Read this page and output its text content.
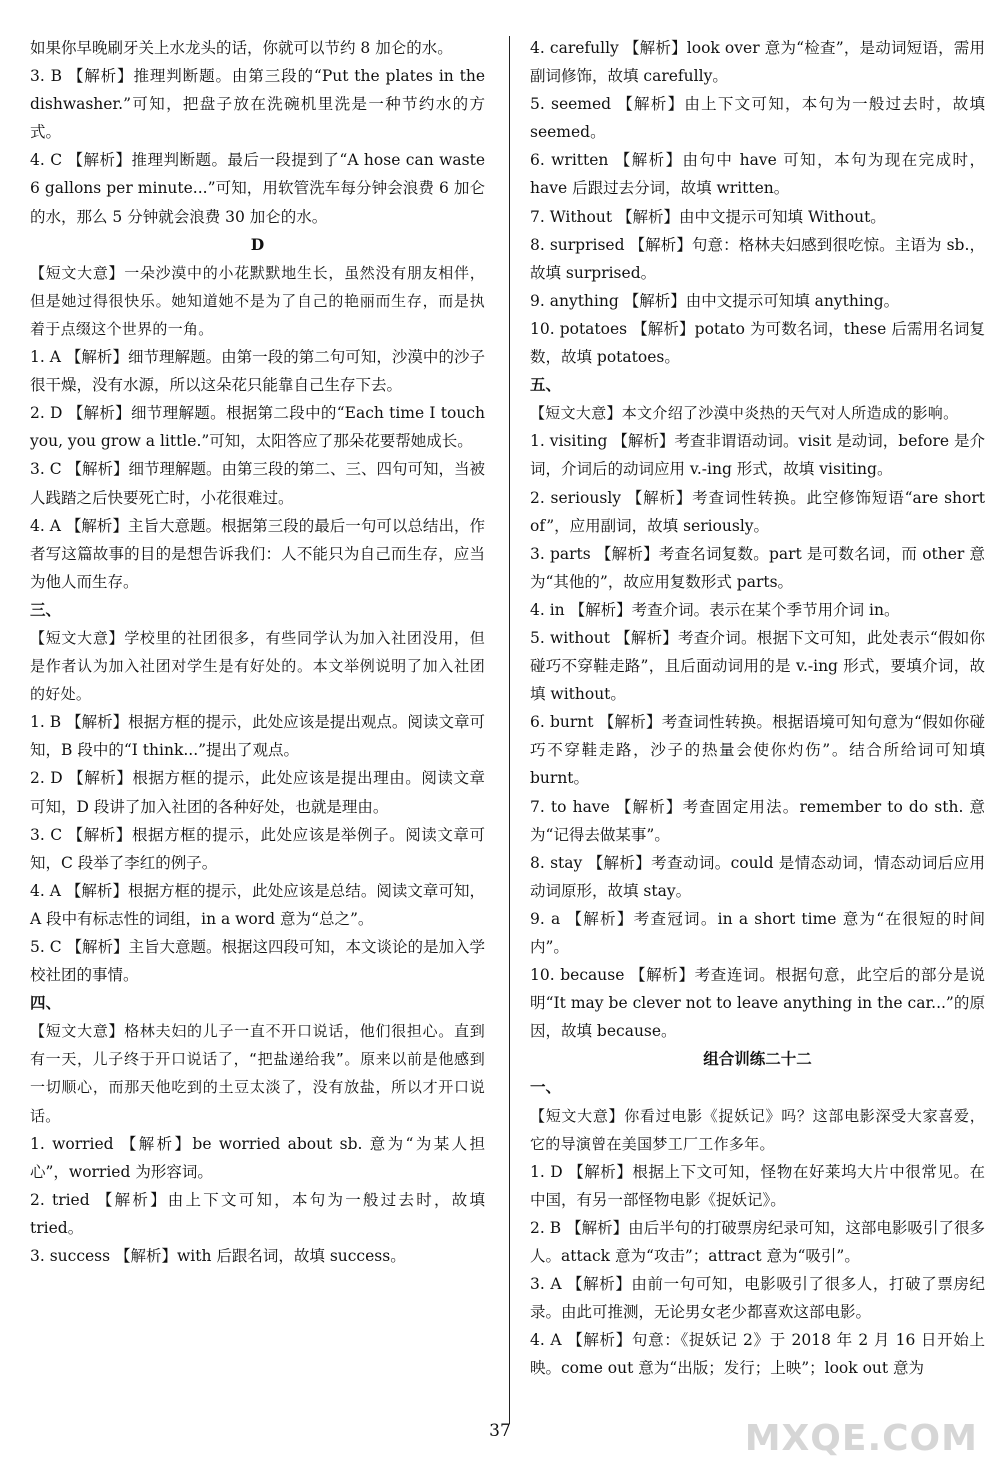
如果你早晚刷牙关上水龙头的话，你就可以节约 8 加仑的水。
3. B 【解析】推理判断题。由第三段的“Put the plates in the dishwasher.”可知，把盘子放在洗碗机里洗是一种节约水的方式。
4. C 【解析】推理判断题。最后一段提到了“A hose can waste 6 gallons per minute...”可知，用软管洗车每分钟会浪费 6 加仑的水，那么 5 分钟就会浪费 30 加仑的水。
D
【短文大意】一朵沙漠中的小花默默地生长，虽然没有朋友相伴，但是她过得很快乐。她知道她不是为了自己的艳丽而生存，而是执着于点缀这个世界的一角。
1. A 【解析】细节理解题。由第一段的第二句可知，沙漠中的沙子很干燥，没有水源，所以这朵花只能靠自己生存下去。
2. D 【解析】细节理解题。根据第二段中的“Each time I touch you, you grow a little.”可知，太阳答应了那朵花要帮她成长。
3. C 【解析】细节理解题。由第三段的第二、三、四句可知，当被人践踏之后快要死亡时，小花很难过。
4. A 【解析】主旨大意题。根据第三段的最后一句可以总结出，作者写这篇故事的目的是想告诉我们：人不能只为自己而生存，应当为他人而生存。
三、
【短文大意】学校里的社团很多，有些同学认为加入社团没用，但是作者认为加入社团对学生是有好处的。本文举例说明了加入社团的好处。
1. B 【解析】根据方框的提示，此处应该是提出观点。阅读文章可知，B 段中的“I think...”提出了观点。
2. D 【解析】根据方框的提示，此处应该是提出理由。阅读文章可知，D 段讲了加入社团的各种好处，也就是理由。
3. C 【解析】根据方框的提示，此处应该是举例子。阅读文章可知，C 段举了李红的例子。
4. A 【解析】根据方框的提示，此处应该是总结。阅读文章可知，A 段中有标志性的词组，in a word 意为“总之”。
5. C 【解析】主旨大意题。根据这四段可知，本文谈论的是加入学校社团的事情。
四、
【短文大意】格林夫妇的儿子一直不开口说话，他们很担心。直到有一天，儿子终于开口说话了，“把盐递给我”。原来以前是他感到一切顺心，而那天他吃到的土豆太淡了，没有放盐，所以才开口说话。
1. worried 【解析】be worried about sb. 意为“为某人担心”，worried 为形容词。
2. tried 【解析】由上下文可知，本句为一般过去时，故填 tried。
3. success 【解析】with 后跟名词，故填 success。
4. carefully 【解析】look over 意为“检查”，是动词短语，需用副词修饰，故填 carefully。
5. seemed 【解析】由上下文可知，本句为一般过去时，故填 seemed。
6. written 【解析】由句中 have 可知，本句为现在完成时，have 后跟过去分词，故填 written。
7. Without 【解析】由中文提示可知填 Without。
8. surprised 【解析】句意：格林夫妇感到很吃惊。主语为 sb.，故填 surprised。
9. anything 【解析】由中文提示可知填 anything。
10. potatoes 【解析】potato 为可数名词，these 后需用名词复数，故填 potatoes。
五、
【短文大意】本文介绍了沙漠中炎热的天气对人所造成的影响。
1. visiting 【解析】考查非谓语动词。visit 是动词，before 是介词，介词后的动词应用 v.-ing 形式，故填 visiting。
2. seriously 【解析】考查词性转换。此空修饰短语“are short of”，应用副词，故填 seriously。
3. parts 【解析】考查名词复数。part 是可数名词，而 other 意为“其他的”，故应用复数形式 parts。
4. in 【解析】考查介词。表示在某个季节用介词 in。
5. without 【解析】考查介词。根据下文可知，此处表示“假如你碰巧不穿鞋走路”，且后面动词用的是 v.-ing 形式，要填介词，故填 without。
6. burnt 【解析】考查词性转换。根据语境可知句意为“假如你碰巧不穿鞋走路，沙子的热量会使你灼伤”。结合所给词可知填 burnt。
7. to have 【解析】考查固定用法。remember to do sth. 意为“记得去做某事”。
8. stay 【解析】考查动词。could 是情态动词，情态动词后应用动词原形，故填 stay。
9. a 【解析】考查冠词。in a short time 意为“在很短的时间内”。
10. because 【解析】考查连词。根据句意，此空后的部分是说明“It may be clever not to leave anything in the car...”的原因，故填 because。
组合训练二十二
一、
【短文大意】你看过电影《捉妖记》吗？这部电影深受大家喜爱，它的导演曾在美国梦工厂工作多年。
1. D 【解析】根据上下文可知，怪物在好莱坞大片中很常见。在中国，有另一部怪物电影《捉妖记》。
2. B 【解析】由后半句的打破票房纪录可知，这部电影吸引了很多人。attack 意为“攻击”；attract 意为“吸引”。
3. A 【解析】由前一句可知，电影吸引了很多人，打破了票房纪录。由此可推测，无论男女老少都喜欢这部电影。
4. A 【解析】句意：《捉妖记 2》于 2018 年 2 月 16 日开始上映。come out 意为“出版；发行；上映”；look out 意为
37	MXQE.COM
